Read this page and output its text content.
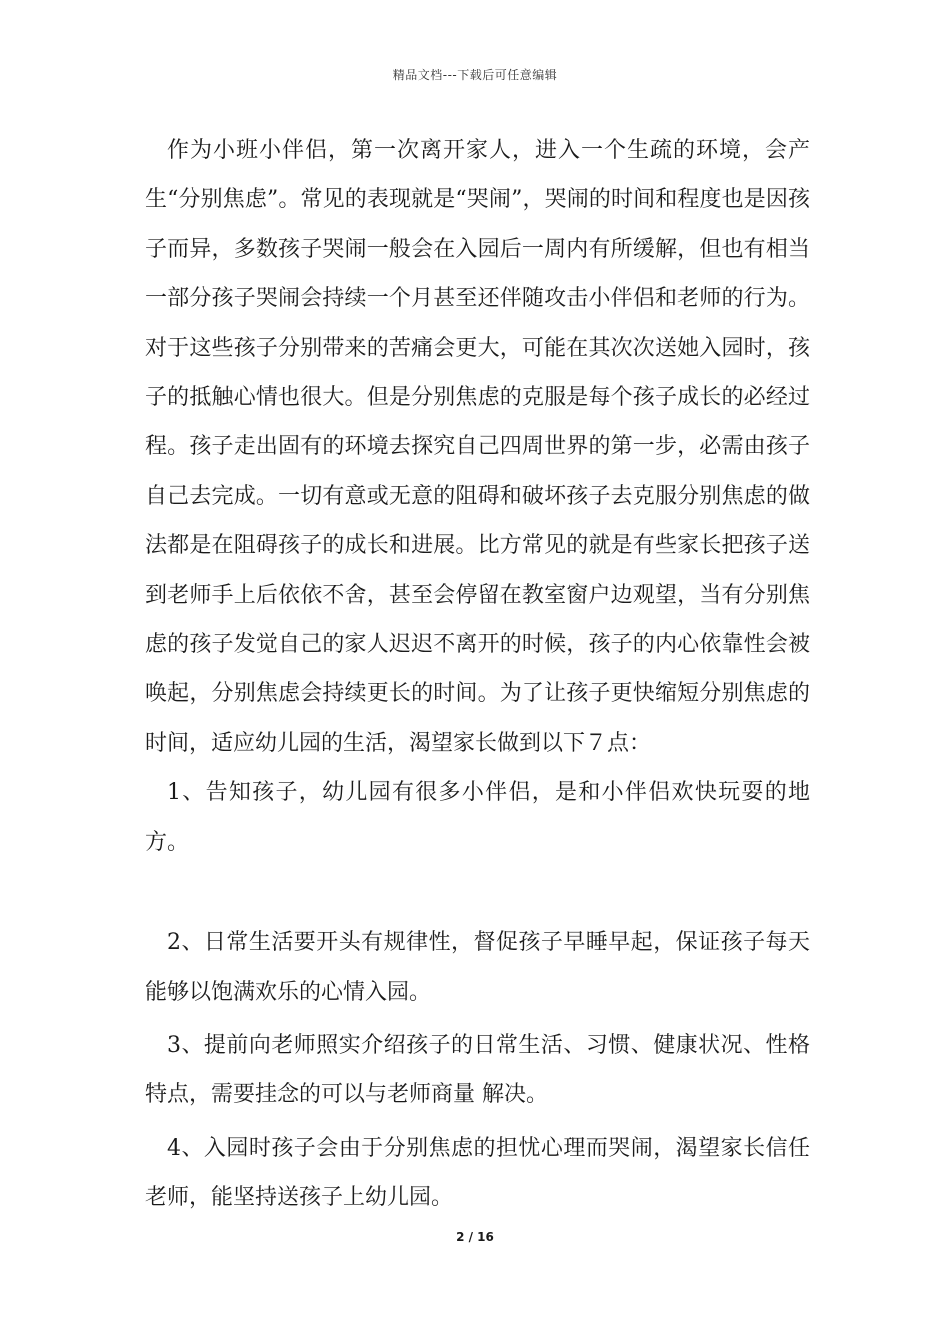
精品文档---下载后可任意编辑

作为小班小伴侣，第一次离开家人，进入一个生疏的环境，会产生“分别焦虑”。常见的表现就是“哭闹”，哭闹的时间和程度也是因孩子而异，多数孩子哭闹一般会在入园后一周内有所缓解，但也有相当一部分孩子哭闹会持续一个月甚至还伴随攻击小伴侣和老师的行为。对于这些孩子分别带来的苦痛会更大，可能在其次次送她入园时，孩子的抵触心情也很大。但是分别焦虑的克服是每个孩子成长的必经过程。孩子走出固有的环境去探究自己四周世界的第一步，必需由孩子自己去完成。一切有意或无意的阻碍和破坏孩子去克服分别焦虑的做法都是在阻碍孩子的成长和进展。比方常见的就是有些家长把孩子送到老师手上后依依不舍，甚至会停留在教室窗户边观望，当有分别焦虑的孩子发觉自己的家人迟迟不离开的时候，孩子的内心依靠性会被唤起，分别焦虑会持续更长的时间。为了让孩子更快缩短分别焦虑的时间，适应幼儿园的生活，渴望家长做到以下７点：

1、告知孩子，幼儿园有很多小伴侣，是和小伴侣欢快玩耍的地方。

2、日常生活要开头有规律性，督促孩子早睡早起，保证孩子每天能够以饱满欢乐的心情入园。

3、提前向老师照实介绍孩子的日常生活、习惯、健康状况、性格特点，需要挂念的可以与老师商量 解决。

4、入园时孩子会由于分别焦虑的担忧心理而哭闹，渴望家长信任老师，能坚持送孩子上幼儿园。

2 / 16
